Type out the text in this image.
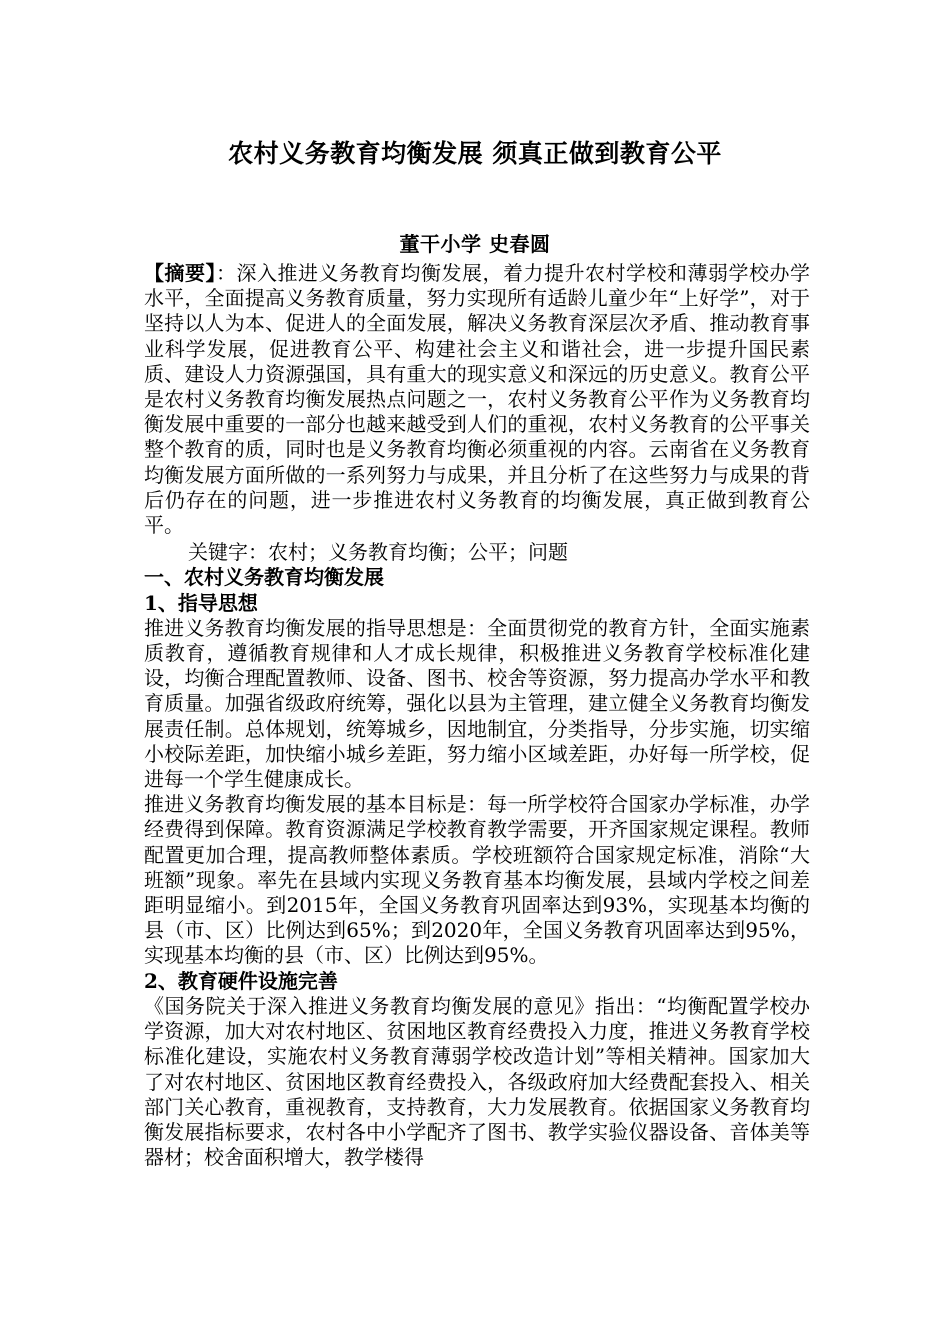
农村义务教育均衡发展 须真正做到教育公平
董干小学 史春圆

【摘要】：深入推进义务教育均衡发展，着力提升农村学校和薄弱学校办学水平，全面提高义务教育质量，努力实现所有适龄儿童少年“上好学”，对于坚持以人为本、促进人的全面发展，解决义务教育深层次矛盾、推动教育事业科学发展，促进教育公平、构建社会主义和谐社会，进一步提升国民素质、建设人力资源强国，具有重大的现实意义和深远的历史意义。教育公平是农村义务教育均衡发展热点问题之一，农村义务教育公平作为义务教育均衡发展中重要的一部分也越来越受到人们的重视，农村义务教育的公平事关整个教育的质，同时也是义务教育均衡必须重视的内容。云南省在义务教育均衡发展方面所做的一系列努力与成果，并且分析了在这些努力与成果的背后仍存在的问题，进一步推进农村义务教育的均衡发展，真正做到教育公平。

关键字：农村；义务教育均衡；公平；问题

一、农村义务教育均衡发展

1、指导思想

推进义务教育均衡发展的指导思想是：全面贯彻党的教育方针，全面实施素质教育，遵循教育规律和人才成长规律，积极推进义务教育学校标准化建设，均衡合理配置教师、设备、图书、校舍等资源，努力提高办学水平和教育质量。加强省级政府统筹，强化以县为主管理，建立健全义务教育均衡发展责任制。总体规划，统筹城乡，因地制宜，分类指导，分步实施，切实缩小校际差距，加快缩小城乡差距，努力缩小区域差距，办好每一所学校，促进每一个学生健康成长。

推进义务教育均衡发展的基本目标是：每一所学校符合国家办学标准，办学经费得到保障。教育资源满足学校教育教学需要，开齐国家规定课程。教师配置更加合理，提高教师整体素质。学校班额符合国家规定标准，消除“大班额”现象。率先在县域内实现义务教育基本均衡发展，县域内学校之间差距明显缩小。到2015年，全国义务教育巩固率达到93%，实现基本均衡的县（市、区）比例达到65%；到2020年，全国义务教育巩固率达到95%，实现基本均衡的县（市、区）比例达到95%。

2、教育硬件设施完善

《国务院关于深入推进义务教育均衡发展的意见》指出：“均衡配置学校办学资源，加大对农村地区、贫困地区教育经费投入力度，推进义务教育学校标准化建设，实施农村义务教育薄弱学校改造计划”等相关精神。国家加大了对农村地区、贫困地区教育经费投入，各级政府加大经费配套投入、相关部门关心教育，重视教育，支持教育，大力发展教育。依据国家义务教育均衡发展指标要求，农村各中小学配齐了图书、教学实验仪器设备、音体美等器材；校舍面积增大，教学楼得
